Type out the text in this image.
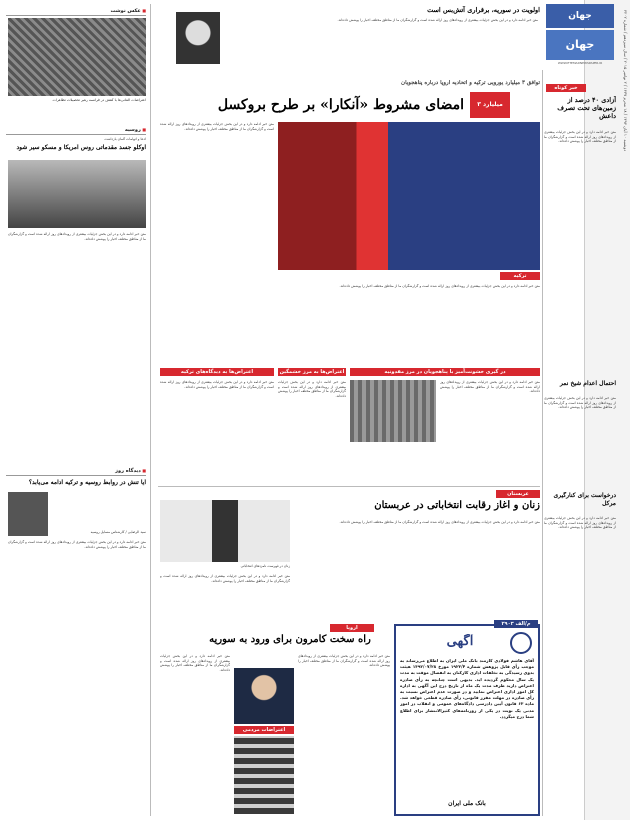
دوشنبه ۱۰ آبان ۱۳۹۴ / ۱۸ محرم ۱۴۳۷ / ۲ نوامبر ۲۰۱۵ / سال سیزدهم / شماره ۴۲۰۲
جهان
جهان
WWW.ETEMADNEWSPAPER.IR
خبر کوتاه
آزادی ۴۰ درصد از زمین‌های تحت تصرف داعش
متن خبر ادامه دارد و در این بخش جزئیات بیشتری از رویدادهای روز ارائه شده است و گزارشگران ما از مناطق مختلف اخبار را پوشش داده‌اند.
احتمال اعدام شیخ نمر
متن خبر ادامه دارد و در این بخش جزئیات بیشتری از رویدادهای روز ارائه شده است و گزارشگران ما از مناطق مختلف اخبار را پوشش داده‌اند.
درخواست برای کنارگیری مرکل
متن خبر ادامه دارد و در این بخش جزئیات بیشتری از رویدادهای روز ارائه شده است و گزارشگران ما از مناطق مختلف اخبار را پوشش داده‌اند.
■ عکس نوشت
اعتراضات آلمانی‌ها با کفش در فرانسه رهبر تحصیلات تظاهرات
■ روسیه
ادعا و اتهامات آلمان بازداشت
اوکلو جسد مقدماتی روس آمریکا و مسکو سیر شود
متن خبر ادامه دارد و در این بخش جزئیات بیشتری از رویدادهای روز ارائه شده است و گزارشگران ما از مناطق مختلف اخبار را پوشش داده‌اند.
■ دیدگاه روز
آیا تنش در روابط روسیه و ترکیه ادامه می‌یابد؟
سید الرضایی / کارشناس مسایل روسیه
متن خبر ادامه دارد و در این بخش جزئیات بیشتری از رویدادهای روز ارائه شده است و گزارشگران ما از مناطق مختلف اخبار را پوشش داده‌اند.
اولویت در سوریه، برقراری آتش‌بس است
متن خبر ادامه دارد و در این بخش جزئیات بیشتری از رویدادهای روز ارائه شده است و گزارشگران ما از مناطق مختلف اخبار را پوشش داده‌اند.
توافق ۳ میلیارد یورویی ترکیه و اتحادیه اروپا درباره پناهجویان
۳ میلیارد
امضای مشروط «آنکارا» بر طرح بروکسل
ترکیه
متن خبر ادامه دارد و در این بخش جزئیات بیشتری از رویدادهای روز ارائه شده است و گزارشگران ما از مناطق مختلف اخبار را پوشش داده‌اند.
متن خبر ادامه دارد و در این بخش جزئیات بیشتری از رویدادهای روز ارائه شده است و گزارشگران ما از مناطق مختلف اخبار را پوشش داده‌اند.
اعتراض‌ها به دیدگاه‌های ترکیه	اعتراض‌ها به مرز خشمگین	در گیری خشونت‌آمیز با پناهجویان در مرز مقدونیه
متن خبر ادامه دارد و در این بخش جزئیات بیشتری از رویدادهای روز ارائه شده است و گزارشگران ما از مناطق مختلف اخبار را پوشش داده‌اند.
متن خبر ادامه دارد و در این بخش جزئیات بیشتری از رویدادهای روز ارائه شده است و گزارشگران ما از مناطق مختلف اخبار را پوشش داده‌اند.
متن خبر ادامه دارد و در این بخش جزئیات بیشتری از رویدادهای روز ارائه شده است و گزارشگران ما از مناطق مختلف اخبار را پوشش داده‌اند.
عربستان
زنان و آغاز رقابت انتخاباتی در عربستان
زنان در فهرست نامزدهای انتخاباتی
متن خبر ادامه دارد و در این بخش جزئیات بیشتری از رویدادهای روز ارائه شده است و گزارشگران ما از مناطق مختلف اخبار را پوشش داده‌اند.
متن خبر ادامه دارد و در این بخش جزئیات بیشتری از رویدادهای روز ارائه شده است و گزارشگران ما از مناطق مختلف اخبار را پوشش داده‌اند.
اروپا
راه سخت کامرون برای ورود به سوریه
متن خبر ادامه دارد و در این بخش جزئیات بیشتری از رویدادهای روز ارائه شده است و گزارشگران ما از مناطق مختلف اخبار را پوشش داده‌اند.
اعتراضات مردمی
متن خبر ادامه دارد و در این بخش جزئیات بیشتری از رویدادهای روز ارائه شده است و گزارشگران ما از مناطق مختلف اخبار را پوشش داده‌اند.
م/الف ۲۹۰۳
آگهی
آقای هاشم فولادی کارمند بانک ملی ایران به اطلاع می‌رساند به موجب رأی قابل پژوهش شماره ۱۹۲۲/۴ مورخ ۱۳۹۲/۰۷/۲۸ هیئت بدوی رسیدگی به تخلفات اداری کارکنان به انفصال موقت به مدت یک سال محکوم گردیده اید. بدیهی است چنانچه به رأی صادره اعتراض دارید ظرف مدت یک ماه از تاریخ درج این آگهی به اداره کل امور اداری اعتراض نمایید و در صورت عدم اعتراض نسبت به رأی صادره در مهلت مقرر قانونی، رأی صادره قطعی خواهد شد. ماده ۶۳ قانون آیین دادرسی دادگاه‌های عمومی و انقلاب در امور مدنی یک نوبت در یکی از روزنامه‌های کثیرالانتشار برای اطلاع شما درج میگردد.
بانک ملی ایران
